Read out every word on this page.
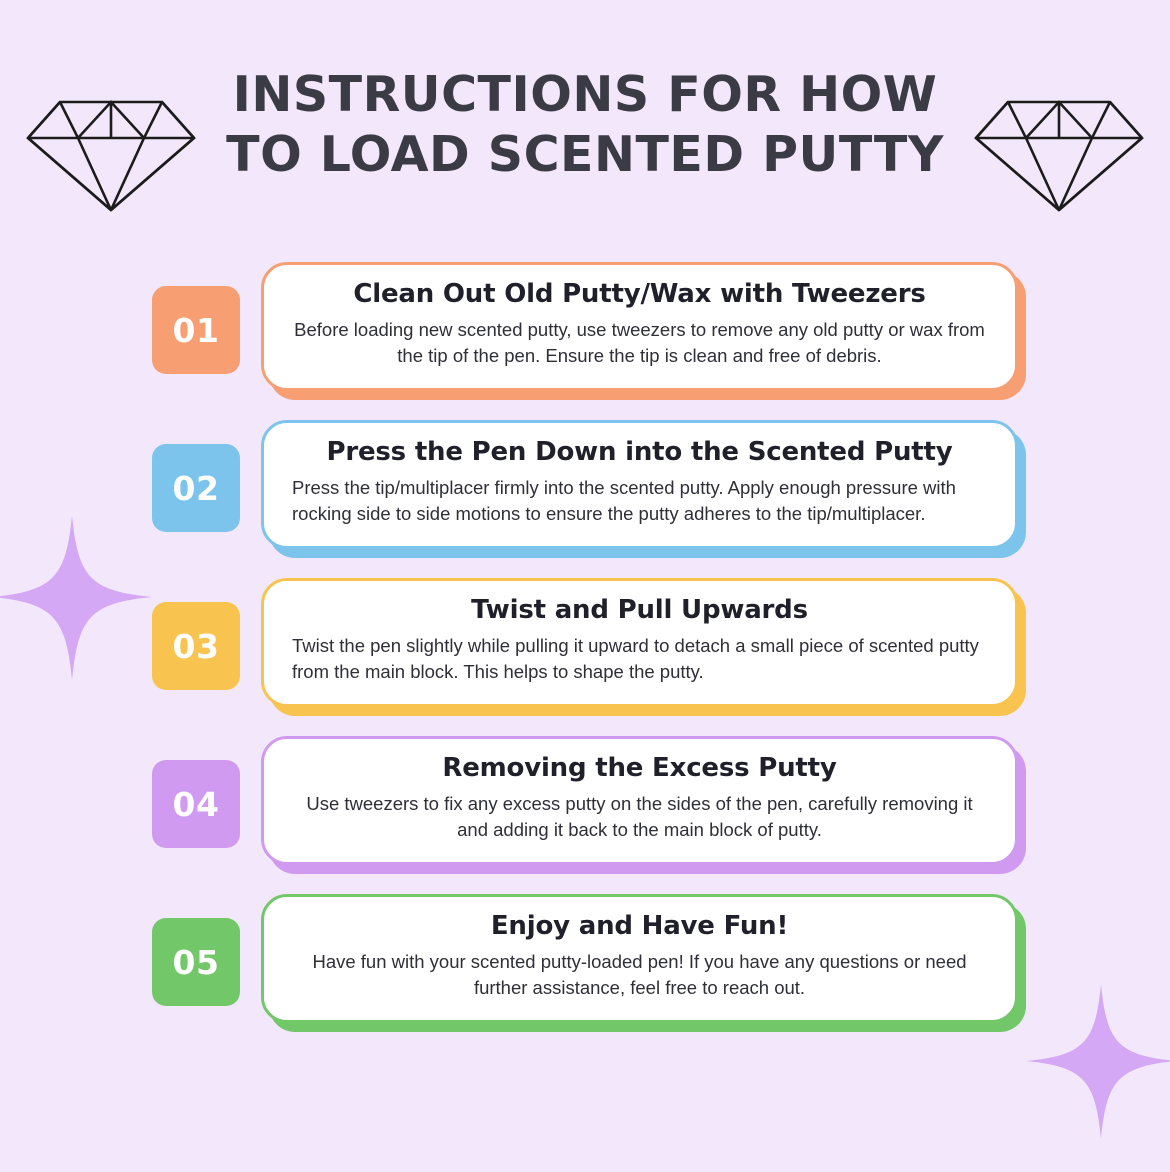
INSTRUCTIONS FOR HOW TO LOAD SCENTED PUTTY
01
Clean Out Old Putty/Wax with Tweezers

Before loading new scented putty, use tweezers to remove any old putty or wax from the tip of the pen. Ensure the tip is clean and free of debris.

02
Press the Pen Down into the Scented Putty

Press the tip/multiplacer firmly into the scented putty. Apply enough pressure with rocking side to side motions to ensure the putty adheres to the tip/multiplacer.

03
Twist and Pull Upwards

Twist the pen slightly while pulling it upward to detach a small piece of scented putty from the main block. This helps to shape the putty.

04
Removing the Excess Putty

Use tweezers to fix any excess putty on the sides of the pen, carefully removing it and adding it back to the main block of putty.

05
Enjoy and Have Fun!

Have fun with your scented putty-loaded pen! If you have any questions or need further assistance, feel free to reach out.
